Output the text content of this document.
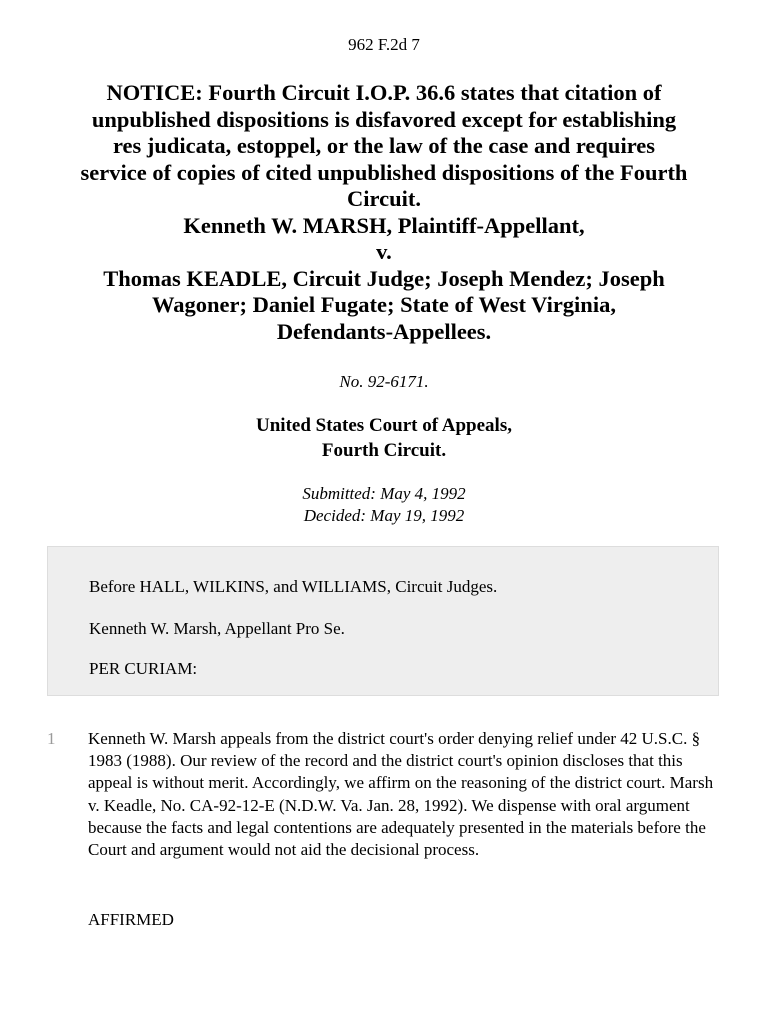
962 F.2d 7
NOTICE: Fourth Circuit I.O.P. 36.6 states that citation of
unpublished dispositions is disfavored except for establishing
res judicata, estoppel, or the law of the case and requires
service of copies of cited unpublished dispositions of the Fourth
Circuit.
Kenneth W. MARSH, Plaintiff-Appellant,
v.
Thomas KEADLE, Circuit Judge; Joseph Mendez; Joseph
Wagoner; Daniel Fugate; State of West Virginia,
Defendants-Appellees.
No. 92-6171.
United States Court of Appeals,
Fourth Circuit.
Submitted: May 4, 1992
Decided: May 19, 1992
Before HALL, WILKINS, and WILLIAMS, Circuit Judges.
Kenneth W. Marsh, Appellant Pro Se.
PER CURIAM:
1 Kenneth W. Marsh appeals from the district court's order denying relief under 42 U.S.C. § 1983 (1988). Our review of the record and the district court's opinion discloses that this appeal is without merit. Accordingly, we affirm on the reasoning of the district court. Marsh v. Keadle, No. CA-92-12-E (N.D.W. Va. Jan. 28, 1992). We dispense with oral argument because the facts and legal contentions are adequately presented in the materials before the Court and argument would not aid the decisional process.
AFFIRMED
